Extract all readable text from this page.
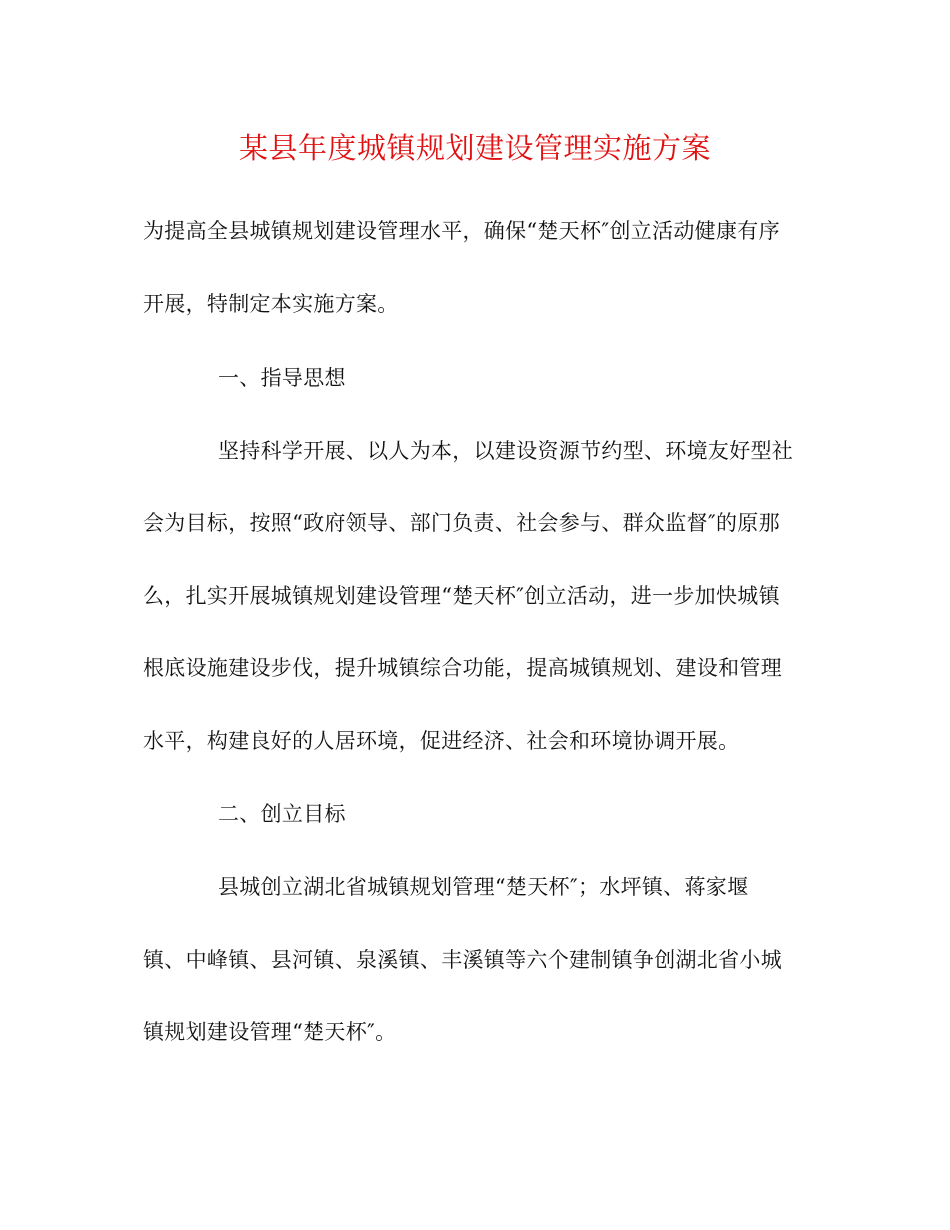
某县年度城镇规划建设管理实施方案

为提高全县城镇规划建设管理水平，确保“楚天杯″创立活动健康有序

开展，特制定本实施方案。

一、指导思想

坚持科学开展、以人为本，以建设资源节约型、环境友好型社

会为目标，按照“政府领导、部门负责、社会参与、群众监督″的原那

么，扎实开展城镇规划建设管理“楚天杯″创立活动，进一步加快城镇

根底设施建设步伐，提升城镇综合功能，提高城镇规划、建设和管理

水平，构建良好的人居环境，促进经济、社会和环境协调开展。

二、创立目标

县城创立湖北省城镇规划管理“楚天杯″；水坪镇、蒋家堰

镇、中峰镇、县河镇、泉溪镇、丰溪镇等六个建制镇争创湖北省小城

镇规划建设管理“楚天杯″。
